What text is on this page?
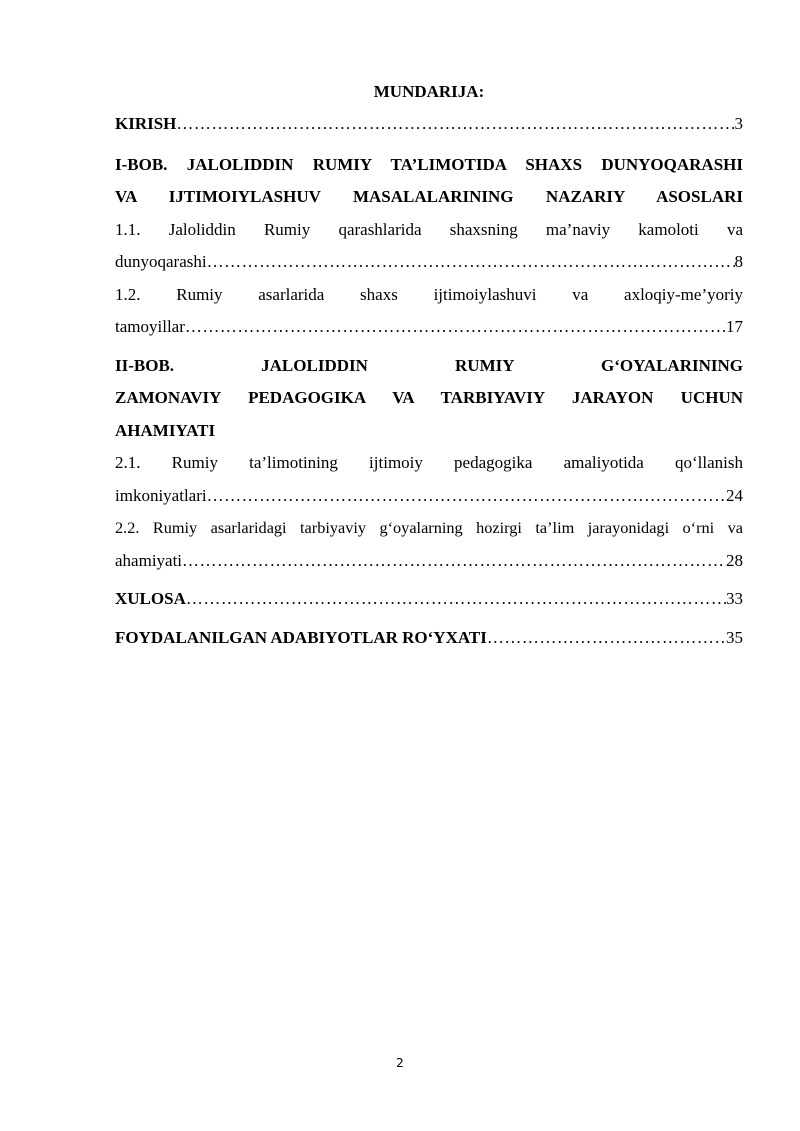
MUNDARIJA:
KIRISH ……………………………………………………………………………………………………………………………………………………………………………	3
I-BOB. JALOLIDDIN RUMIY TA’LIMOTIDA SHAXS DUNYOQARASHI
VA IJTIMOIYLASHUV MASALALARINING NAZARIY ASOSLARI
1.1. Jaloliddin Rumiy qarashlarida shaxsning ma’naviy kamoloti va
dunyoqarashi ……………………………………………………………………………………………………………………………………………………………………………	8
1.2. Rumiy asarlarida shaxs ijtimoiylashuvi va axloqiy-me’yoriy
tamoyillar ……………………………………………………………………………………………………………………………………………………………………………	17
II-BOB. JALOLIDDIN RUMIY G‘OYALARINING
ZAMONAVIY PEDAGOGIKA VA TARBIYAVIY JARAYON UCHUN
AHAMIYATI
2.1. Rumiy ta’limotining ijtimoiy pedagogika amaliyotida qo‘llanish
imkoniyatlari ……………………………………………………………………………………………………………………………………………………………………………	24
2.2. Rumiy asarlaridagi tarbiyaviy g‘oyalarning hozirgi ta’lim jarayonidagi o‘rni va
ahamiyati ……………………………………………………………………………………………………………………………………………………………………………	28
XULOSA ……………………………………………………………………………………………………………………………………………………………………………	33
FOYDALANILGAN ADABIYOTLAR RO‘YXATI ……………………………………………………………………………………………………………………………………………………………………………	35
2
